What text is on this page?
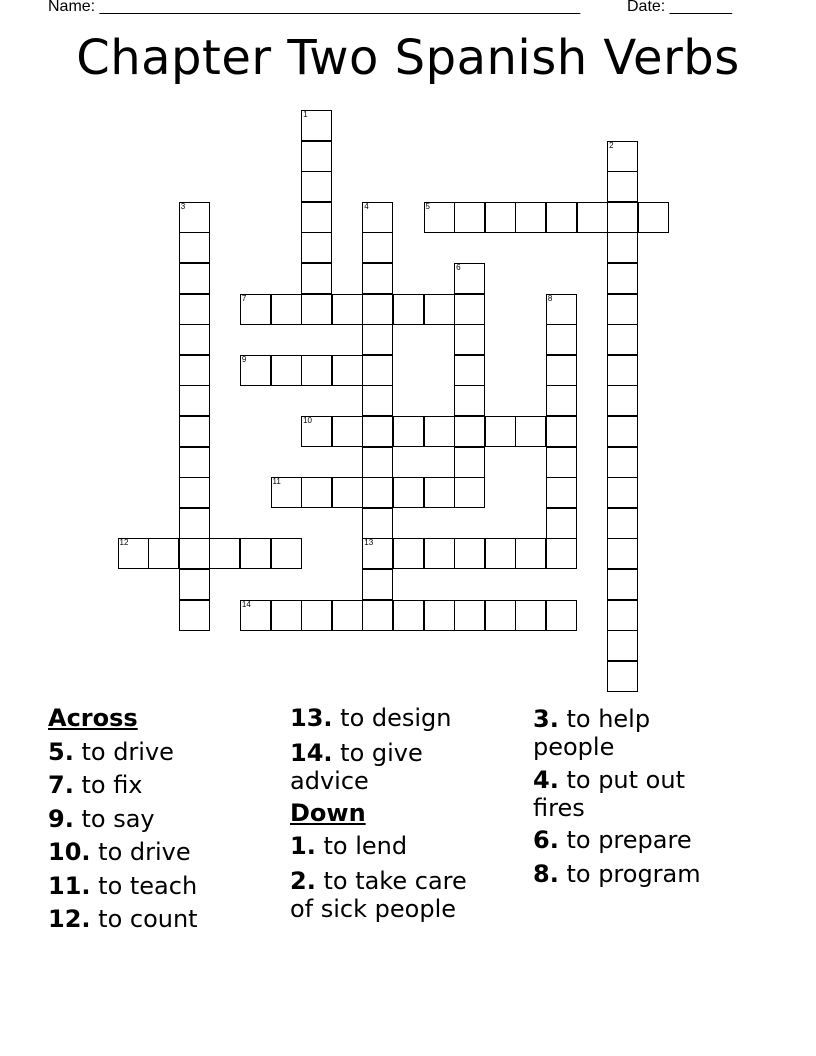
Name: ______________________________________________________	Date: _______
Chapter Two Spanish Verbs
1
2
3	4
13
5
6
7	8
9
10
11
12
14
Across
5. to drive
7. to fix
9. to say
10. to drive
11. to teach
12. to count
13. to design
14. to give advice
Down
1. to lend
2. to take care of sick people
3. to help people
4. to put out fires
6. to prepare
8. to program
